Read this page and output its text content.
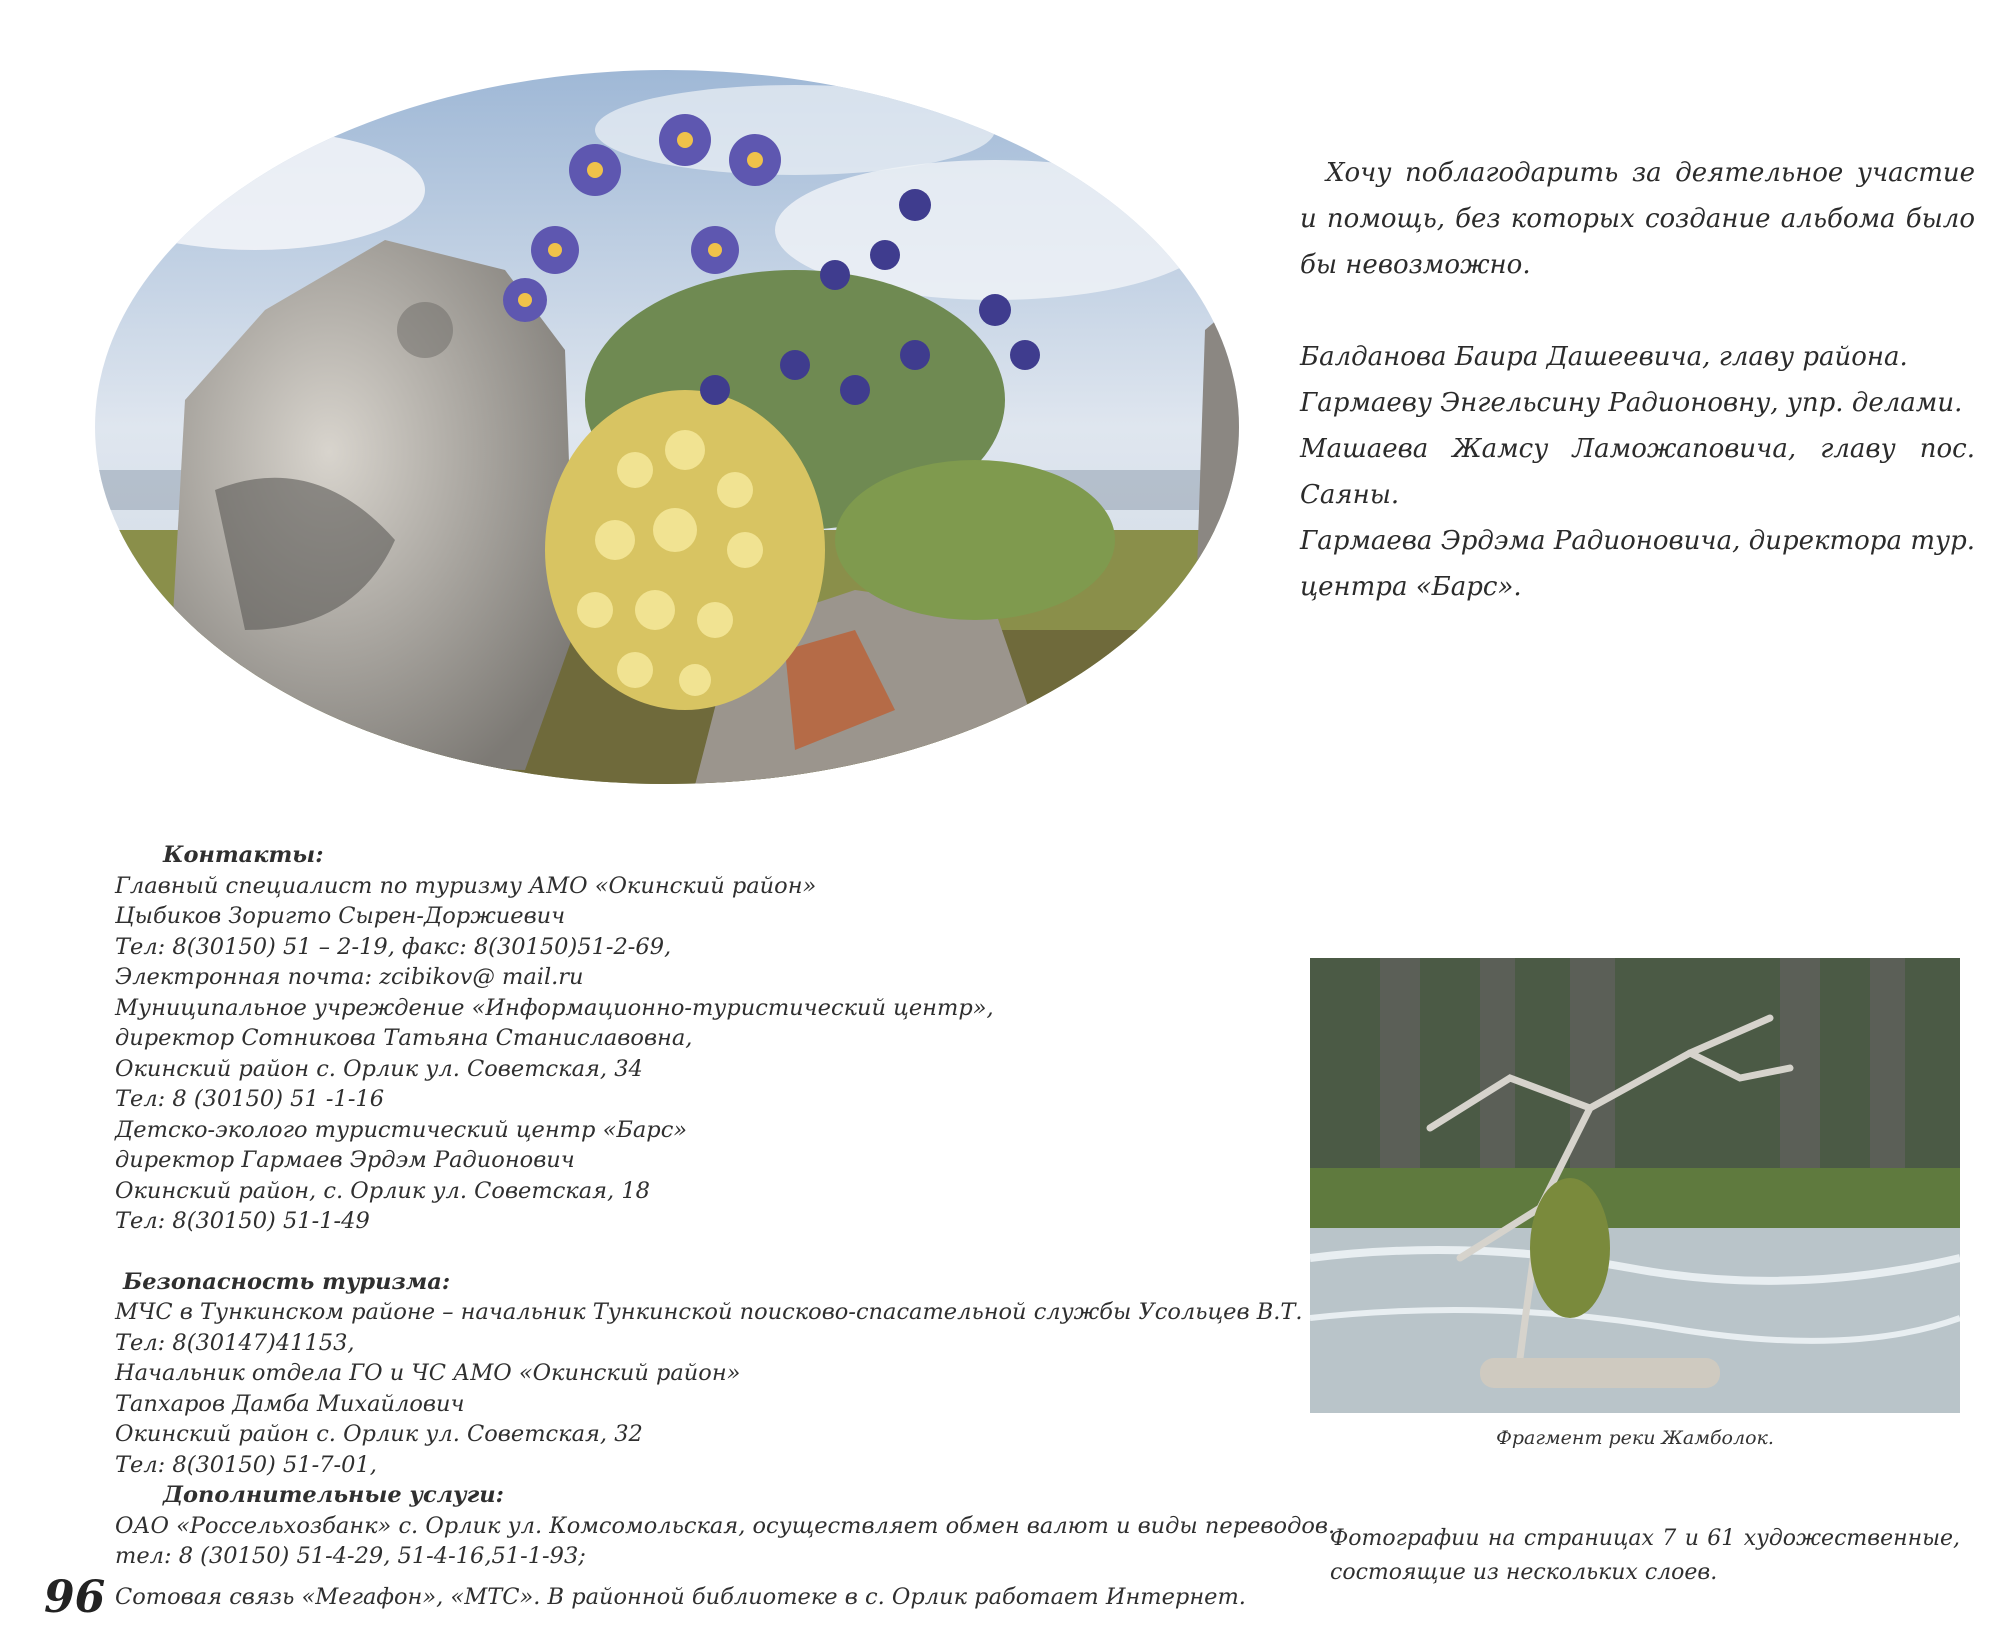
Хочу поблагодарить за деятельное участие и помощь, без которых создание альбома было бы невозможно.

Балданова Баира Дашеевича, главу района.

Гармаеву Энгельсину Радионовну, упр. делами.

Машаева Жамсу Ламожаповича, главу пос. Саяны.

Гармаева Эрдэма Радионовича, директора тур. центра «Барс».

Контакты:
Главный специалист по туризму АМО «Окинский район»
Цыбиков Зоригто Сырен-Доржиевич
Тел: 8(30150) 51 – 2-19, факс: 8(30150)51-2-69,
Электронная почта: zcibikov@ mail.ru
Муниципальное учреждение «Информационно-туристический центр»,
директор Сотникова Татьяна Станиславовна,
Окинский район с. Орлик ул. Советская, 34
Тел: 8 (30150) 51 -1-16
Детско-эколого туристический центр «Барс»
директор Гармаев Эрдэм Радионович
Окинский район, с. Орлик ул. Советская, 18
Тел: 8(30150) 51-1-49
Безопасность туризма:
МЧС в Тункинском районе – начальник Тункинской поисково-спасательной службы Усольцев В.Т.
Тел: 8(30147)41153,
Начальник отдела ГО и ЧС АМО «Окинский район»
Тапхаров Дамба Михайлович
Окинский район с. Орлик ул. Советская, 32
Тел: 8(30150) 51-7-01,
Дополнительные услуги:
ОАО «Россельхозбанк» с. Орлик ул. Комсомольская, осуществляет обмен валют и виды переводов.
тел: 8 (30150) 51-4-29, 51-4-16,51-1-93;
Сотовая связь «Мегафон», «МТС». В районной библиотеке в с. Орлик работает Интернет.
Фрагмент реки Жамболок.
Фотографии на страницах 7 и 61 художественные, состоящие из нескольких слоев.
96
